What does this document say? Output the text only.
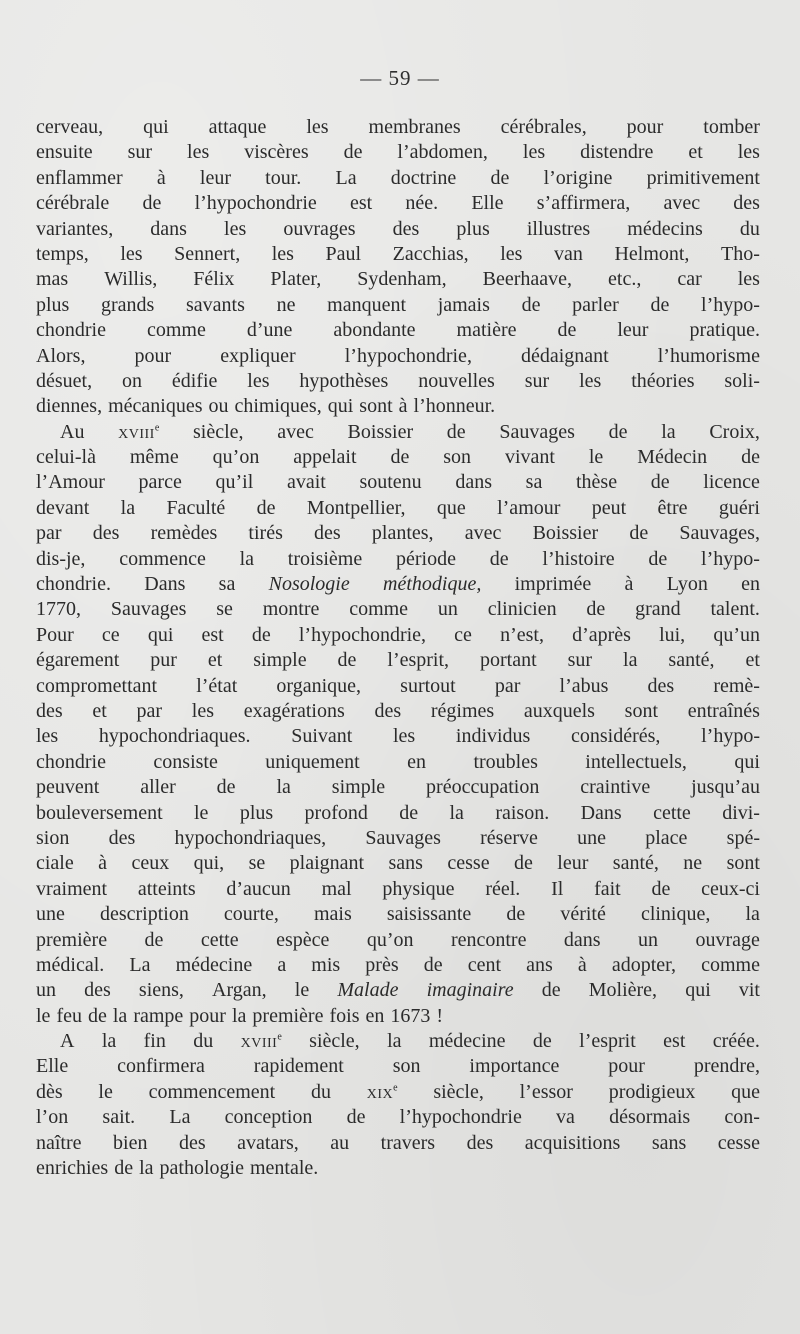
— 59 —
cerveau, qui attaque les membranes cérébrales, pour tomber
ensuite sur les viscères de l’abdomen, les distendre et les
enflammer à leur tour. La doctrine de l’origine primitivement
cérébrale de l’hypochondrie est née. Elle s’affirmera, avec des
variantes, dans les ouvrages des plus illustres médecins du
temps, les Sennert, les Paul Zacchias, les van Helmont, Tho-
mas Willis, Félix Plater, Sydenham, Beerhaave, etc., car les
plus grands savants ne manquent jamais de parler de l’hypo-
chondrie comme d’une abondante matière de leur pratique.
Alors, pour expliquer l’hypochondrie, dédaignant l’humorisme
désuet, on édifie les hypothèses nouvelles sur les théories soli-
diennes, mécaniques ou chimiques, qui sont à l’honneur.
Au xviii$^e$ siècle, avec Boissier de Sauvages de la Croix,
celui-là même qu’on appelait de son vivant le Médecin de
l’Amour parce qu’il avait soutenu dans sa thèse de licence
devant la Faculté de Montpellier, que l’amour peut être guéri
par des remèdes tirés des plantes, avec Boissier de Sauvages,
dis-je, commence la troisième période de l’histoire de l’hypo-
chondrie. Dans sa Nosologie méthodique, imprimée à Lyon en
1770, Sauvages se montre comme un clinicien de grand talent.
Pour ce qui est de l’hypochondrie, ce n’est, d’après lui, qu’un
égarement pur et simple de l’esprit, portant sur la santé, et
compromettant l’état organique, surtout par l’abus des remè-
des et par les exagérations des régimes auxquels sont entraînés
les hypochondriaques. Suivant les individus considérés, l’hypo-
chondrie consiste uniquement en troubles intellectuels, qui
peuvent aller de la simple préoccupation craintive jusqu’au
bouleversement le plus profond de la raison. Dans cette divi-
sion des hypochondriaques, Sauvages réserve une place spé-
ciale à ceux qui, se plaignant sans cesse de leur santé, ne sont
vraiment atteints d’aucun mal physique réel. Il fait de ceux-ci
une description courte, mais saisissante de vérité clinique, la
première de cette espèce qu’on rencontre dans un ouvrage
médical. La médecine a mis près de cent ans à adopter, comme
un des siens, Argan, le Malade imaginaire de Molière, qui vit
le feu de la rampe pour la première fois en 1673 !
A la fin du xviii$^e$ siècle, la médecine de l’esprit est créée.
Elle confirmera rapidement son importance pour prendre,
dès le commencement du xix$^e$ siècle, l’essor prodigieux que
l’on sait. La conception de l’hypochondrie va désormais con-
naître bien des avatars, au travers des acquisitions sans cesse
enrichies de la pathologie mentale.
